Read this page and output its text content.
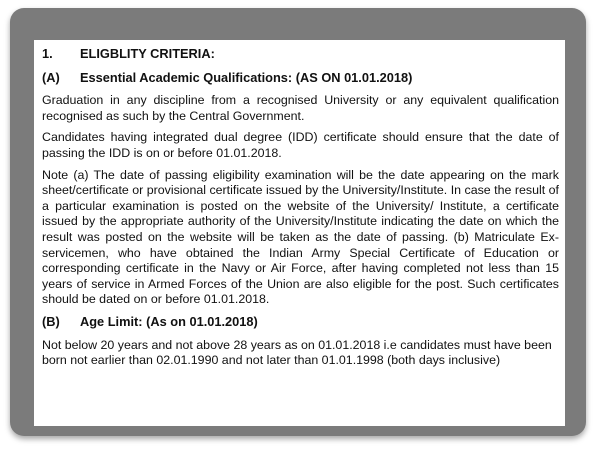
1.	ELIGBLITY CRITERIA:
(A)	Essential Academic Qualifications: (AS ON 01.01.2018)

Graduation in any discipline from a recognised University or any equivalent qualification recognised as such by the Central Government.

Candidates having integrated dual degree (IDD) certificate should ensure that the date of passing the IDD is on or before 01.01.2018.

Note (a) The date of passing eligibility examination will be the date appearing on the mark sheet/certificate or provisional certificate issued by the University/Institute. In case the result of a particular examination is posted on the website of the University/ Institute, a certificate issued by the appropriate authority of the University/Institute indicating the date on which the result was posted on the website will be taken as the date of passing. (b) Matriculate Ex-servicemen, who have obtained the Indian Army Special Certificate of Education or corresponding certificate in the Navy or Air Force, after having completed not less than 15 years of service in Armed Forces of the Union are also eligible for the post. Such certificates should be dated on or before 01.01.2018.

(B)	Age Limit: (As on 01.01.2018)

Not below 20 years and not above 28 years as on 01.01.2018 i.e candidates must have been born not earlier than 02.01.1990 and not later than 01.01.1998 (both days inclusive)
